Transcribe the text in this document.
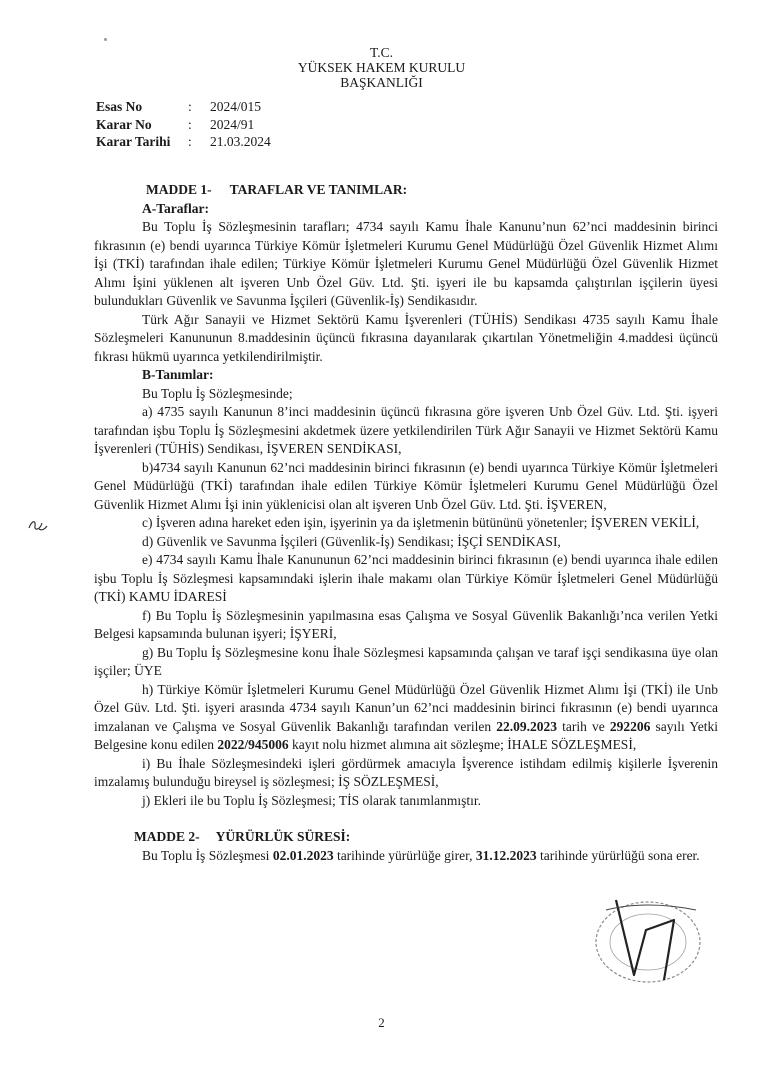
T.C.
YÜKSEK HAKEM KURULU
BAŞKANLIĞI
Esas No	:	2024/015
Karar No	:	2024/91
Karar Tarihi	:	21.03.2024
MADDE 1- TARAFLAR VE TANIMLAR:
A-Taraflar:

Bu Toplu İş Sözleşmesinin tarafları; 4734 sayılı Kamu İhale Kanunu’nun 62’nci maddesinin birinci fıkrasının (e) bendi uyarınca Türkiye Kömür İşletmeleri Kurumu Genel Müdürlüğü Özel Güvenlik Hizmet Alımı İşi (TKİ) tarafından ihale edilen; Türkiye Kömür İşletmeleri Kurumu Genel Müdürlüğü Özel Güvenlik Hizmet Alımı İşini yüklenen alt işveren Unb Özel Güv. Ltd. Şti. işyeri ile bu kapsamda çalıştırılan işçilerin üyesi bulundukları Güvenlik ve Savunma İşçileri (Güvenlik-İş) Sendikasıdır.

Türk Ağır Sanayii ve Hizmet Sektörü Kamu İşverenleri (TÜHİS) Sendikası 4735 sayılı Kamu İhale Sözleşmeleri Kanununun 8.maddesinin üçüncü fıkrasına dayanılarak çıkartılan Yönetmeliğin 4.maddesi üçüncü fıkrası hükmü uyarınca yetkilendirilmiştir.

B-Tanımlar:

Bu Toplu İş Sözleşmesinde;

a) 4735 sayılı Kanunun 8’inci maddesinin üçüncü fıkrasına göre işveren Unb Özel Güv. Ltd. Şti. işyeri tarafından işbu Toplu İş Sözleşmesini akdetmek üzere yetkilendirilen Türk Ağır Sanayii ve Hizmet Sektörü Kamu İşverenleri (TÜHİS) Sendikası, İŞVEREN SENDİKASI,

b)4734 sayılı Kanunun 62’nci maddesinin birinci fıkrasının (e) bendi uyarınca Türkiye Kömür İşletmeleri Genel Müdürlüğü (TKİ) tarafından ihale edilen Türkiye Kömür İşletmeleri Kurumu Genel Müdürlüğü Özel Güvenlik Hizmet Alımı İşi inin yüklenicisi olan alt işveren Unb Özel Güv. Ltd. Şti. İŞVEREN,

c) İşveren adına hareket eden işin, işyerinin ya da işletmenin bütününü yönetenler; İŞVEREN VEKİLİ,

d) Güvenlik ve Savunma İşçileri (Güvenlik-İş) Sendikası; İŞÇİ SENDİKASI,

e) 4734 sayılı Kamu İhale Kanununun 62’nci maddesinin birinci fıkrasının (e) bendi uyarınca ihale edilen işbu Toplu İş Sözleşmesi kapsamındaki işlerin ihale makamı olan Türkiye Kömür İşletmeleri Genel Müdürlüğü (TKİ) KAMU İDARESİ

f) Bu Toplu İş Sözleşmesinin yapılmasına esas Çalışma ve Sosyal Güvenlik Bakanlığı’nca verilen Yetki Belgesi kapsamında bulunan işyeri; İŞYERİ,

g) Bu Toplu İş Sözleşmesine konu İhale Sözleşmesi kapsamında çalışan ve taraf işçi sendikasına üye olan işçiler; ÜYE

h) Türkiye Kömür İşletmeleri Kurumu Genel Müdürlüğü Özel Güvenlik Hizmet Alımı İşi (TKİ) ile Unb Özel Güv. Ltd. Şti. işyeri arasında 4734 sayılı Kanun’un 62’nci maddesinin birinci fıkrasının (e) bendi uyarınca imzalanan ve Çalışma ve Sosyal Güvenlik Bakanlığı tarafından verilen 22.09.2023 tarih ve 292206 sayılı Yetki Belgesine konu edilen 2022/945006 kayıt nolu hizmet alımına ait sözleşme; İHALE SÖZLEŞMESİ,

i) Bu İhale Sözleşmesindeki işleri gördürmek amacıyla İşverence istihdam edilmiş kişilerle İşverenin imzalamış bulunduğu bireysel iş sözleşmesi; İŞ SÖZLEŞMESİ,

j) Ekleri ile bu Toplu İş Sözleşmesi; TİS olarak tanımlanmıştır.

MADDE 2- YÜRÜRLÜK SÜRESİ:

Bu Toplu İş Sözleşmesi 02.01.2023 tarihinde yürürlüğe girer, 31.12.2023 tarihinde yürürlüğü sona erer.

2
